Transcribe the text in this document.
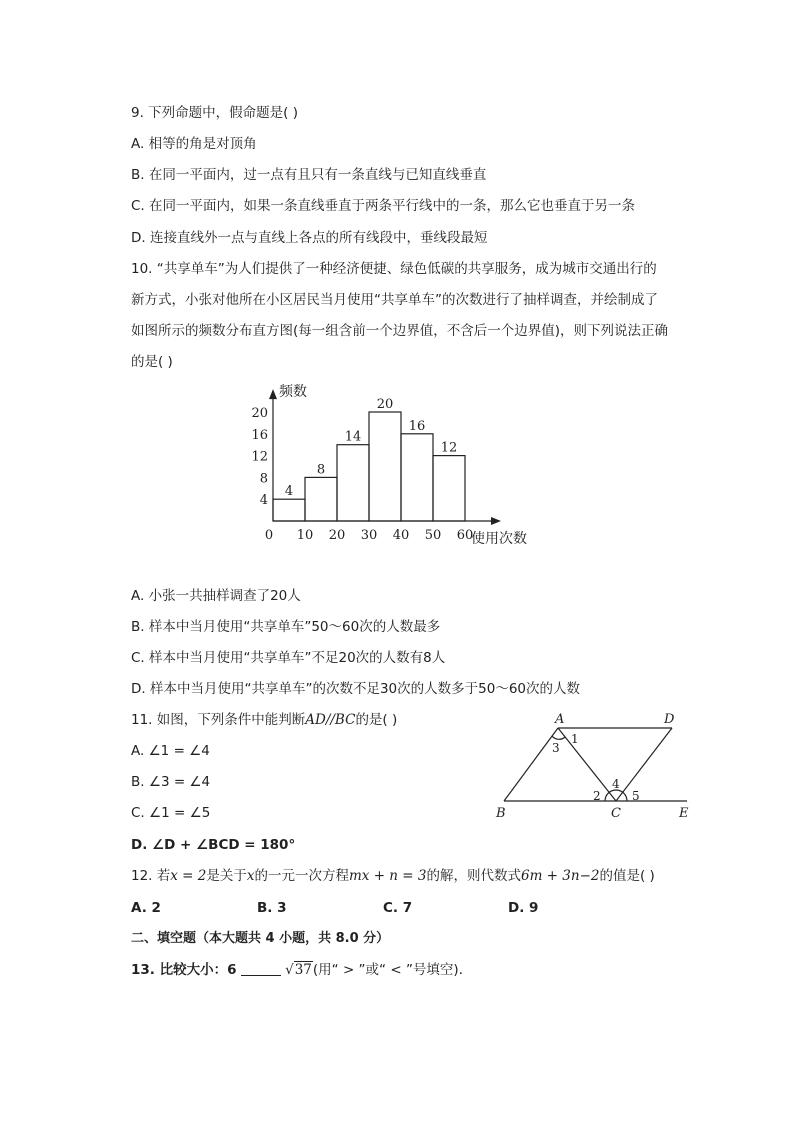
9. 下列命题中，假命题是( )
A. 相等的角是对顶角
B. 在同一平面内，过一点有且只有一条直线与已知直线垂直
C. 在同一平面内，如果一条直线垂直于两条平行线中的一条，那么它也垂直于另一条
D. 连接直线外一点与直线上各点的所有线段中，垂线段最短
10. “共享单车”为人们提供了一种经济便捷、绿色低碳的共享服务，成为城市交通出行的
新方式，小张对他所在小区居民当月使用“共享单车”的次数进行了抽样调查，并绘制成了
如图所示的频数分布直方图(每一组含前一个边界值，不含后一个边界值)，则下列说法正确
的是( )
4
8
14
20
16
12
0 10 20 30 40 50 60
4
8
12
16
20
频数
使用次数
A. 小张一共抽样调查了20人
B. 样本中当月使用“共享单车”50～60次的人数最多
C. 样本中当月使用“共享单车”不足20次的人数有8人
D. 样本中当月使用“共享单车”的次数不足30次的人数多于50～60次的人数
11. 如图，下列条件中能判断AD//BC的是( )
A. ∠1 = ∠4
B. ∠3 = ∠4
C. ∠1 = ∠5
D. ∠D + ∠BCD = 180°
A	D
B	C	E
1
3
4
2	5
12. 若x = 2是关于x的一元一次方程mx + n = 3的解，则代数式6m + 3n−2的值是( )
A. 2	B. 3	C. 7	D. 9
二、填空题（本大题共 4 小题，共 8.0 分）
13. 比较大小：6	√37(用“ > ”或“ < ”号填空)．
